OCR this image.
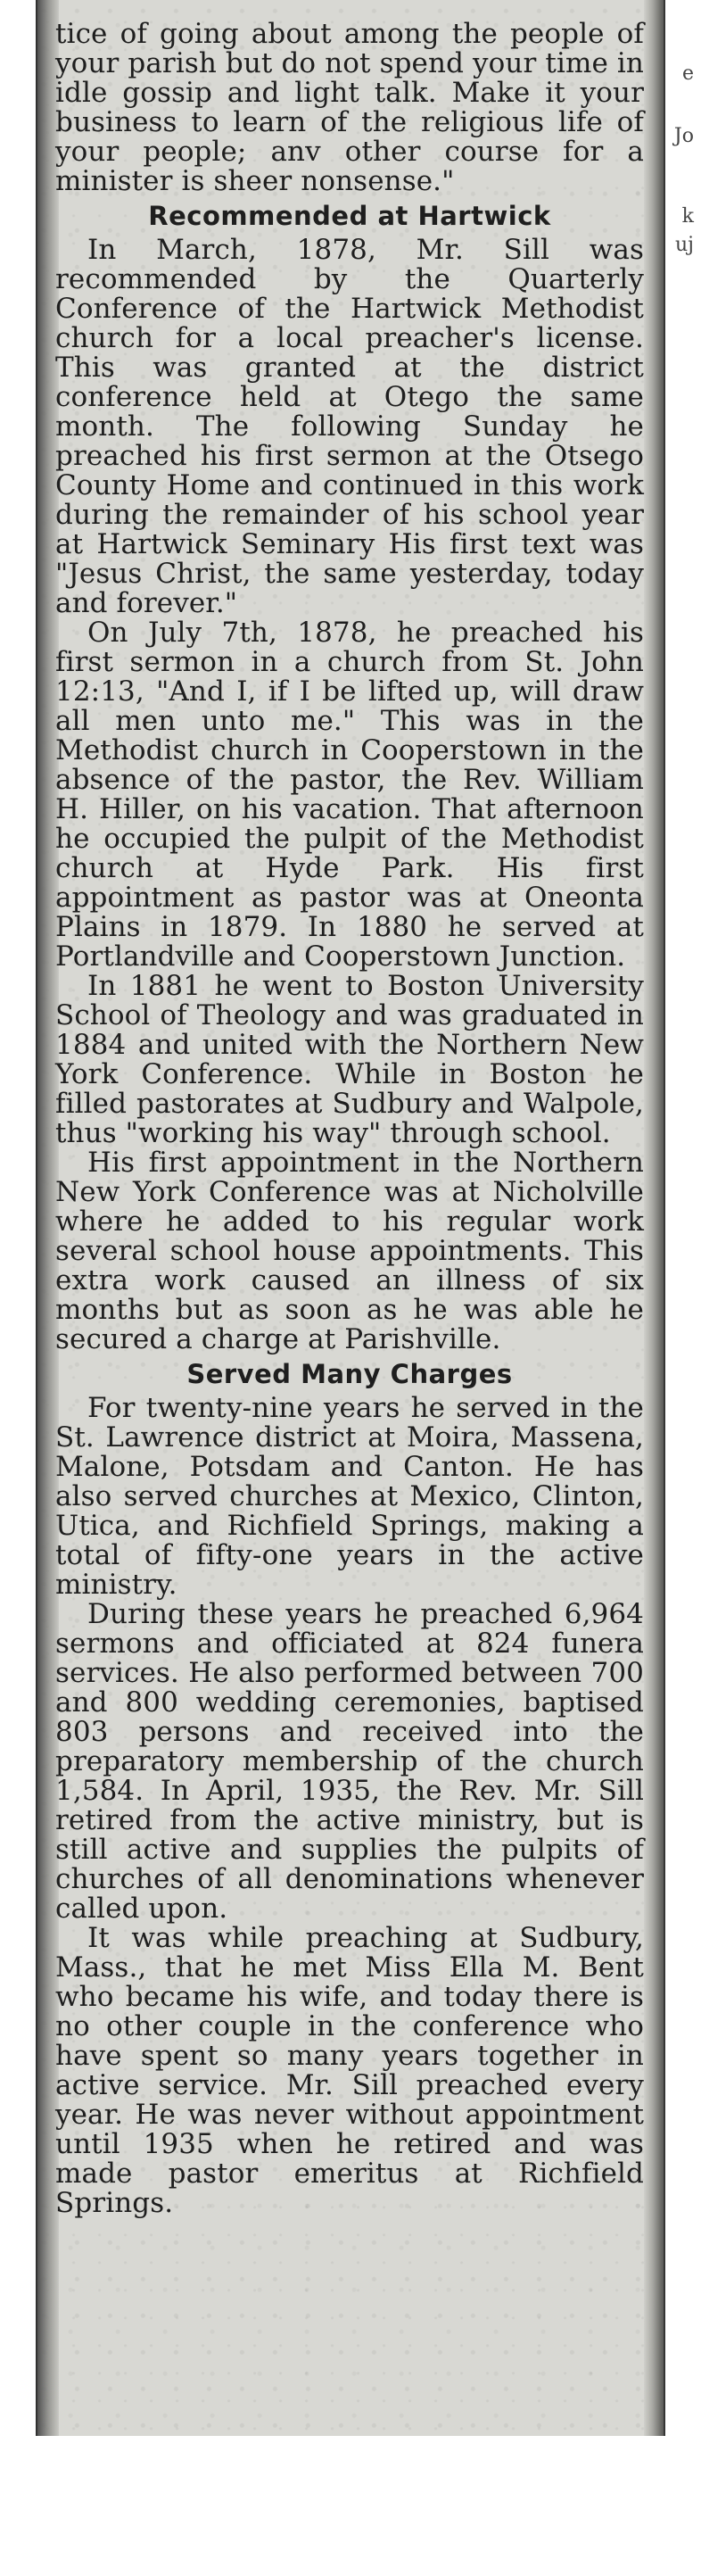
e
Jo
k
uj

tice of going about among the people of your parish but do not spend your time in idle gossip and light talk. Make it your business to learn of the religious life of your people; anv other course for a minister is sheer nonsense."

Recommended at Hartwick

In March, 1878, Mr. Sill was recommended by the Quarterly Conference of the Hartwick Methodist church for a local preacher's license. This was granted at the district conference held at Otego the same month. The following Sunday he preached his first sermon at the Otsego County Home and continued in this work during the remainder of his school year at Hartwick Seminary His first text was "Jesus Christ, the same yesterday, today and forever."

On July 7th, 1878, he preached his first sermon in a church from St. John 12:13, "And I, if I be lifted up, will draw all men unto me." This was in the Methodist church in Cooperstown in the absence of the pastor, the Rev. William H. Hiller, on his vacation. That afternoon he occupied the pulpit of the Methodist church at Hyde Park. His first appointment as pastor was at Oneonta Plains in 1879. In 1880 he served at Portlandville and Cooperstown Junction.

In 1881 he went to Boston University School of Theology and was graduated in 1884 and united with the Northern New York Conference. While in Boston he filled pastorates at Sudbury and Walpole, thus "working his way" through school.

His first appointment in the Northern New York Conference was at Nicholville where he added to his regular work several school house appointments. This extra work caused an illness of six months but as soon as he was able he secured a charge at Parishville.

Served Many Charges

For twenty-nine years he served in the St. Lawrence district at Moira, Massena, Malone, Potsdam and Canton. He has also served churches at Mexico, Clinton, Utica, and Richfield Springs, making a total of fifty-one years in the active ministry.

During these years he preached 6,964 sermons and officiated at 824 funera services. He also performed between 700 and 800 wedding ceremonies, baptised 803 persons and received into the preparatory membership of the church 1,584. In April, 1935, the Rev. Mr. Sill retired from the active ministry, but is still active and supplies the pulpits of churches of all denominations whenever called upon.

It was while preaching at Sudbury, Mass., that he met Miss Ella M. Bent who became his wife, and today there is no other couple in the conference who have spent so many years together in active service. Mr. Sill preached every year. He was never without appointment until 1935 when he retired and was made pastor emeritus at Richfield Springs.
